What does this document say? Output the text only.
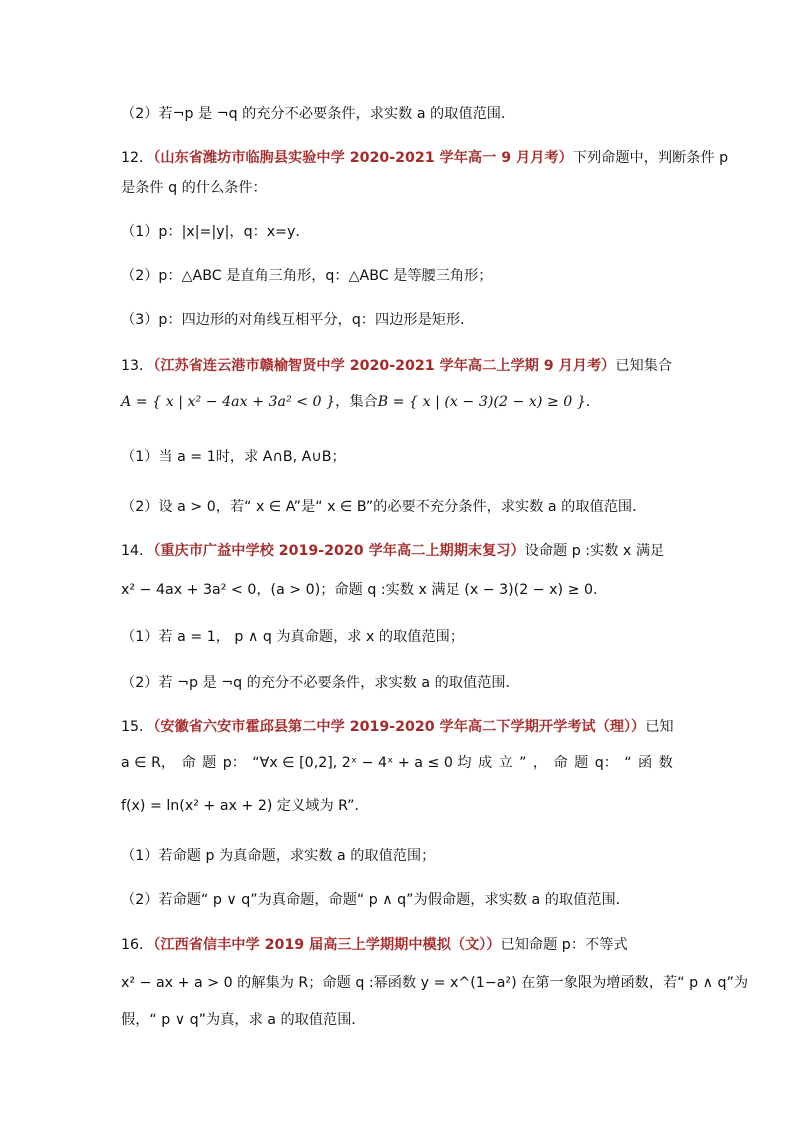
（2）若¬p 是 ¬q 的充分不必要条件，求实数 a 的取值范围．
12．（山东省潍坊市临朐县实验中学 2020-2021 学年高一 9 月月考）下列命题中，判断条件 p
是条件 q 的什么条件：
（1）p：|x|=|y|，q：x=y．
（2）p：△ABC 是直角三角形，q：△ABC 是等腰三角形；
（3）p：四边形的对角线互相平分，q：四边形是矩形．
13．（江苏省连云港市赣榆智贤中学 2020-2021 学年高二上学期 9 月月考）已知集合
A = { x | x² − 4ax + 3a² < 0 }，集合B = { x | (x − 3)(2 − x) ≥ 0 }．
（1）当 a = 1时，求 A∩B, A∪B；
（2）设 a > 0，若“ x ∈ A”是“ x ∈ B”的必要不充分条件，求实数 a 的取值范围．
14．（重庆市广益中学校 2019-2020 学年高二上期期末复习）设命题 p :实数 x 满足
x² − 4ax + 3a² < 0，(a > 0)；命题 q :实数 x 满足 (x − 3)(2 − x) ≥ 0．
（1）若 a = 1， p ∧ q 为真命题，求 x 的取值范围；
（2）若 ¬p 是 ¬q 的充分不必要条件，求实数 a 的取值范围．
15．（安徽省六安市霍邱县第二中学 2019-2020 学年高二下学期开学考试（理））已知
a ∈ R， 命 题 p： “∀x ∈ [0,2], 2ˣ − 4ˣ + a ≤ 0 均 成 立 ” ， 命 题 q： “ 函 数
f(x) = ln(x² + ax + 2) 定义域为 R”．
（1）若命题 p 为真命题，求实数 a 的取值范围；
（2）若命题“ p ∨ q”为真命题，命题“ p ∧ q”为假命题，求实数 a 的取值范围．
16．（江西省信丰中学 2019 届高三上学期期中模拟（文））已知命题 p：不等式
x² − ax + a > 0 的解集为 R；命题 q :幂函数 y = x^(1−a²) 在第一象限为增函数，若“ p ∧ q”为
假，“ p ∨ q”为真，求 a 的取值范围．
